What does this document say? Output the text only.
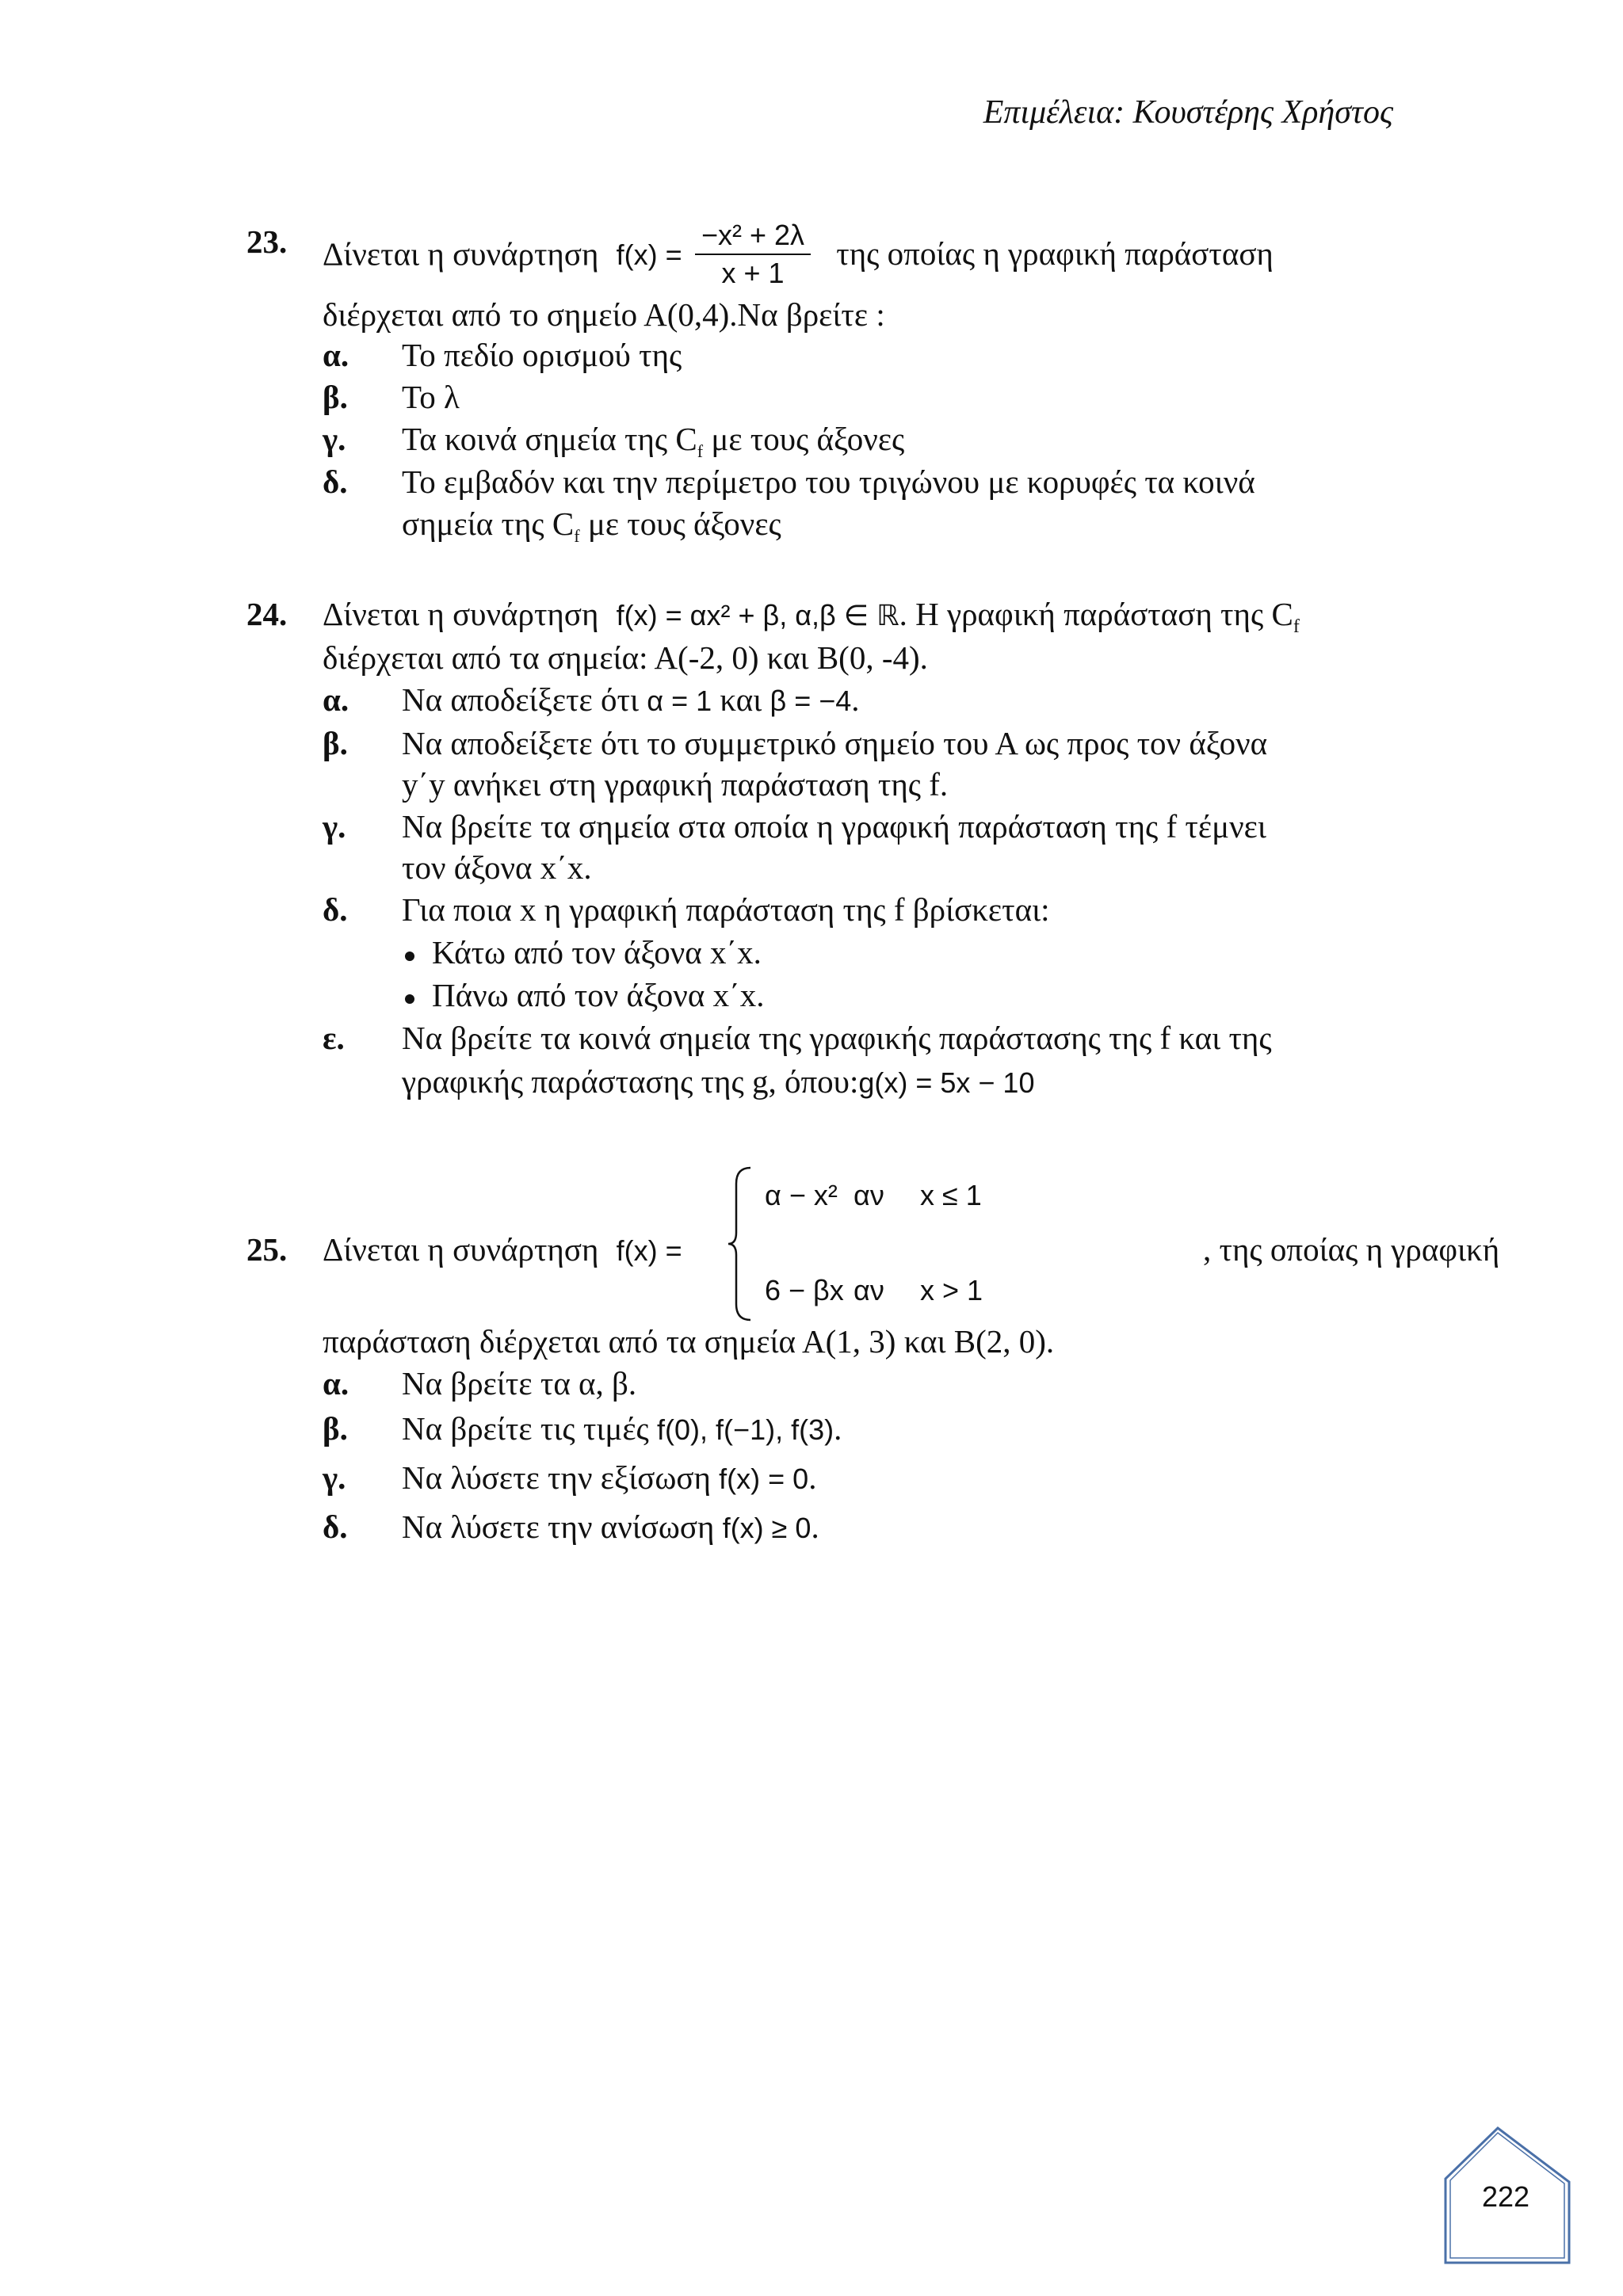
Επιμέλεια: Κουστέρης Χρήστος
23. Δίνεται η συνάρτηση $f(x) = \frac{\text{−x² + 2λ}}{x + 1}$ της οποίας η γραφική παράσταση
διέρχεται από το σημείο Α(0,4).Να βρείτε :
α. Το πεδίο ορισμού της
β. Το λ
γ. Τα κοινά σημεία της $C_f$ με τους άξονες
δ. Το εμβαδόν και την περίμετρο του τριγώνου με κορυφές τα κοινά
σημεία της $C_f$ με τους άξονες
24. Δίνεται η συνάρτηση f(x) = αx² + β, α,β ∈ ℝ. Η γραφική παράσταση της $C_f$
διέρχεται από τα σημεία: Α(-2, 0) και Β(0, -4).
α. Να αποδείξετε ότι α = 1 και β = −4.
β. Να αποδείξετε ότι το συμμετρικό σημείο του Α ως προς τον άξονα
y΄y ανήκει στη γραφική παράσταση της f.
γ. Να βρείτε τα σημεία στα οποία η γραφική παράσταση της f τέμνει
τον άξονα x΄x.
δ. Για ποια x η γραφική παράσταση της f βρίσκεται:
Κάτω από τον άξονα x΄x.
Πάνω από τον άξονα x΄x.
ε. Να βρείτε τα κοινά σημεία της γραφικής παράστασης της f και της
γραφικής παράστασης της g, όπου:g(x) = 5x − 10
25. Δίνεται η συνάρτηση f(x) =
α − x² αν x ≤ 1
6 − βx αν x > 1
, της οποίας η γραφική
παράσταση διέρχεται από τα σημεία Α(1, 3) και Β(2, 0).
α. Να βρείτε τα α, β.
β. Να βρείτε τις τιμές f(0), f(−1), f(3).
γ. Να λύσετε την εξίσωση f(x) = 0.
δ. Να λύσετε την ανίσωση f(x) ≥ 0.
222
